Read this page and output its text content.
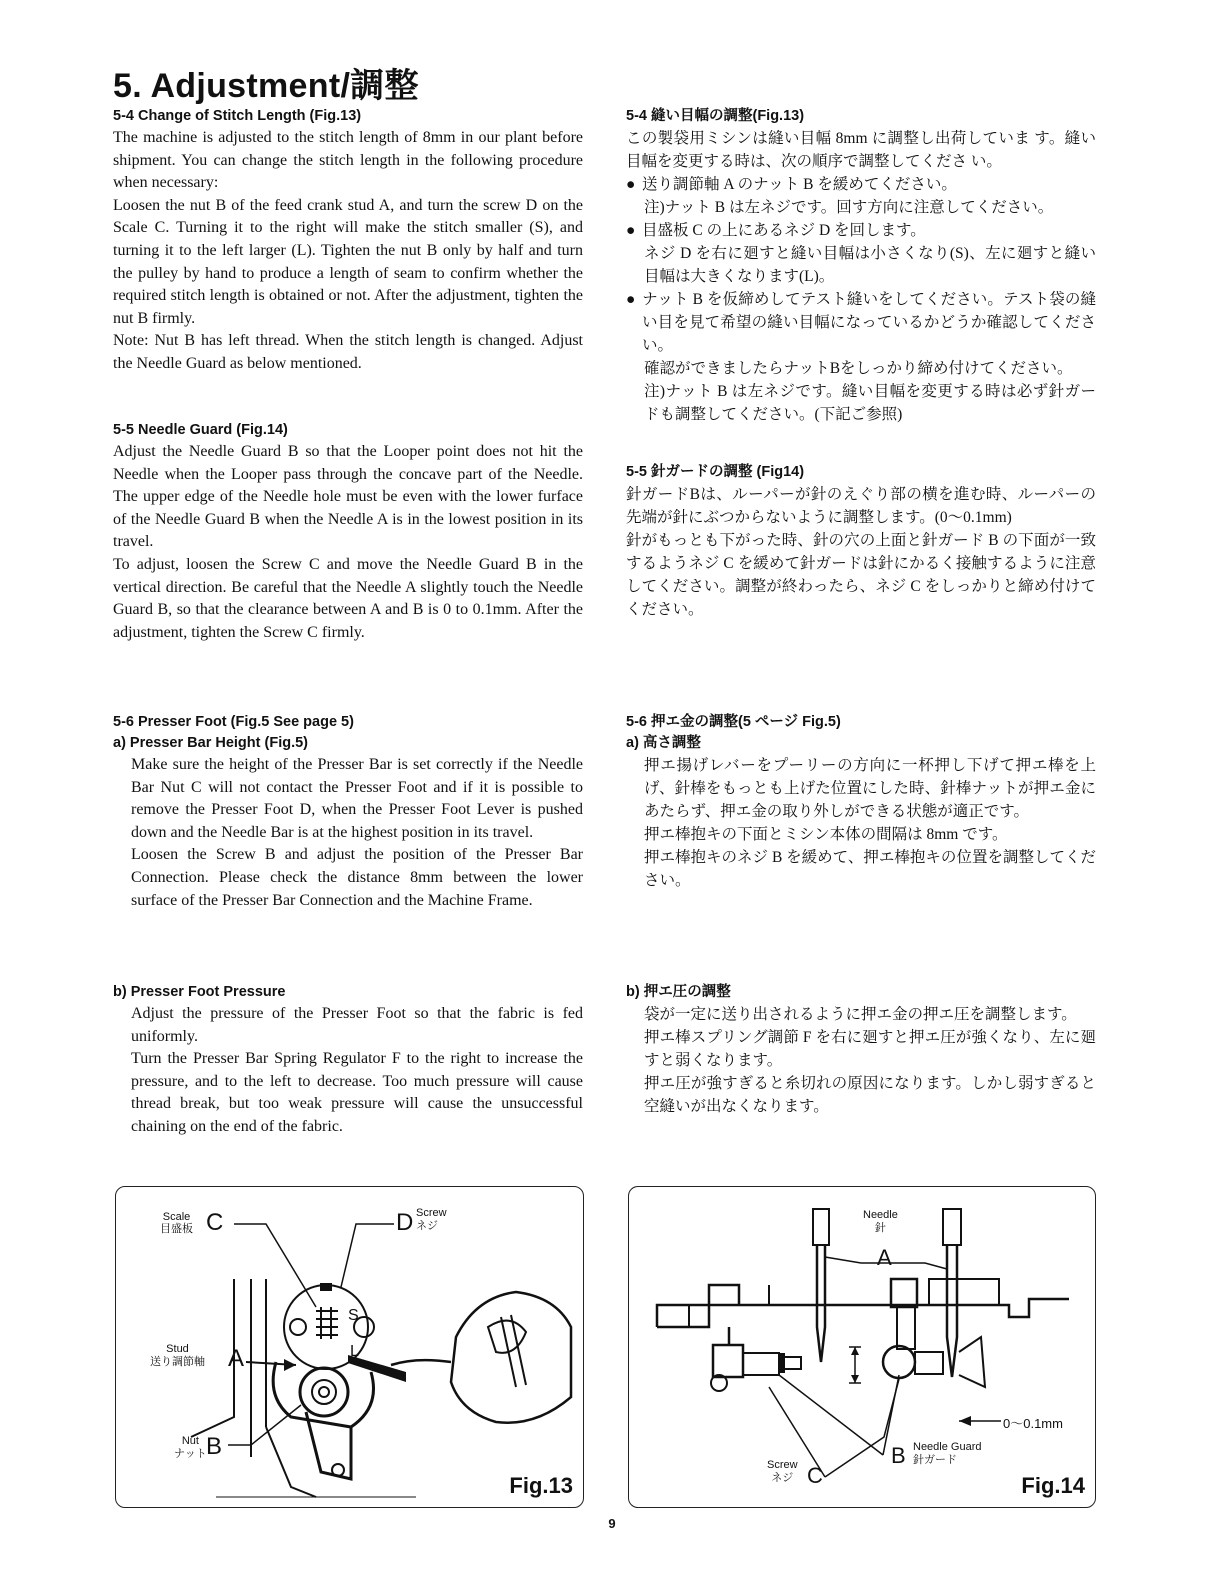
5. Adjustment/調整

5-4 Change of Stitch Length (Fig.13)

The machine is adjusted to the stitch length of 8mm in our plant before shipment. You can change the stitch length in the following procedure when necessary:

Loosen the nut B of the feed crank stud A, and turn the screw D on the Scale C. Turning it to the right will make the stitch smaller (S), and turning it to the left larger (L). Tighten the nut B only by half and turn the pulley by hand to produce a length of seam to confirm whether the required stitch length is obtained or not. After the adjustment, tighten the nut B firmly.

Note: Nut B has left thread. When the stitch length is changed. Adjust the Needle Guard as below mentioned.

5-5 Needle Guard (Fig.14)

Adjust the Needle Guard B so that the Looper point does not hit the Needle when the Looper pass through the concave part of the Needle. The upper edge of the Needle hole must be even with the lower furface of the Needle Guard B when the Needle A is in the lowest position in its travel.

To adjust, loosen the Screw C and move the Needle Guard B in the vertical direction. Be careful that the Needle A slightly touch the Needle Guard B, so that the clearance between A and B is 0 to 0.1mm. After the adjustment, tighten the Screw C firmly.

5-6 Presser Foot (Fig.5 See page 5)

a) Presser Bar Height (Fig.5)

Make sure the height of the Presser Bar is set correctly if the Needle Bar Nut C will not contact the Presser Foot and if it is possible to remove the Presser Foot D, when the Presser Foot Lever is pushed down and the Needle Bar is at the highest position in its travel.

Loosen the Screw B and adjust the position of the Presser Bar Connection. Please check the distance 8mm between the lower surface of the Presser Bar Connection and the Machine Frame.

b) Presser Foot Pressure

Adjust the pressure of the Presser Foot so that the fabric is fed uniformly.

Turn the Presser Bar Spring Regulator F to the right to increase the pressure, and to the left to decrease. Too much pressure will cause thread break, but too weak pressure will cause the unsuccessful chaining on the end of the fabric.

5-4 縫い目幅の調整(Fig.13)

この製袋用ミシンは縫い目幅 8mm に調整し出荷していま す。縫い目幅を変更する時は、次の順序で調整してくださ い。

● 送り調節軸 A のナット B を緩めてください。

注)ナット B は左ネジです。回す方向に注意してください。

● 目盛板 C の上にあるネジ D を回します。

ネジ D を右に廻すと縫い目幅は小さくなり(S)、左に廻すと縫い目幅は大きくなります(L)。

● ナット B を仮締めしてテスト縫いをしてください。テスト袋の縫い目を見て希望の縫い目幅になっているかどうか確認してください。

確認ができましたらナットBをしっかり締め付けてください。

注)ナット B は左ネジです。縫い目幅を変更する時は必ず針ガードも調整してください。(下記ご参照)

5-5 針ガードの調整 (Fig14)

針ガードBは、ルーパーが針のえぐり部の横を進む時、ルーパーの先端が針にぶつからないように調整します。(0〜0.1mm)

針がもっとも下がった時、針の穴の上面と針ガード B の下面が一致するようネジ C を緩めて針ガードは針にかるく接触するように注意してください。調整が終わったら、ネジ C をしっかりと締め付けてください。

5-6 押エ金の調整(5 ページ Fig.5)

a) 高さ調整

押エ揚げレバーをプーリーの方向に一杯押し下げて押エ棒を上げ、針棒をもっとも上げた位置にした時、針棒ナットが押エ金にあたらず、押エ金の取り外しができる状態が適正です。

押エ棒抱キの下面とミシン本体の間隔は 8mm です。

押エ棒抱キのネジ B を緩めて、押エ棒抱キの位置を調整してください。

b) 押エ圧の調整

袋が一定に送り出されるように押エ金の押エ圧を調整します。

押エ棒スプリング調節 F を右に廻すと押エ圧が強くなり、左に廻すと弱くなります。

押エ圧が強すぎると糸切れの原因になります。しかし弱すぎると空縫いが出なくなります。

Scale
目盛板 C	D Screw
ネジ
Stud
送り調節軸 A
Nut
ナット B
S
L
Fig.13
Needle
針
A
0〜0.1mm
B Needle Guard
針ガード
Screw
ネジ C	Fig.14
9
